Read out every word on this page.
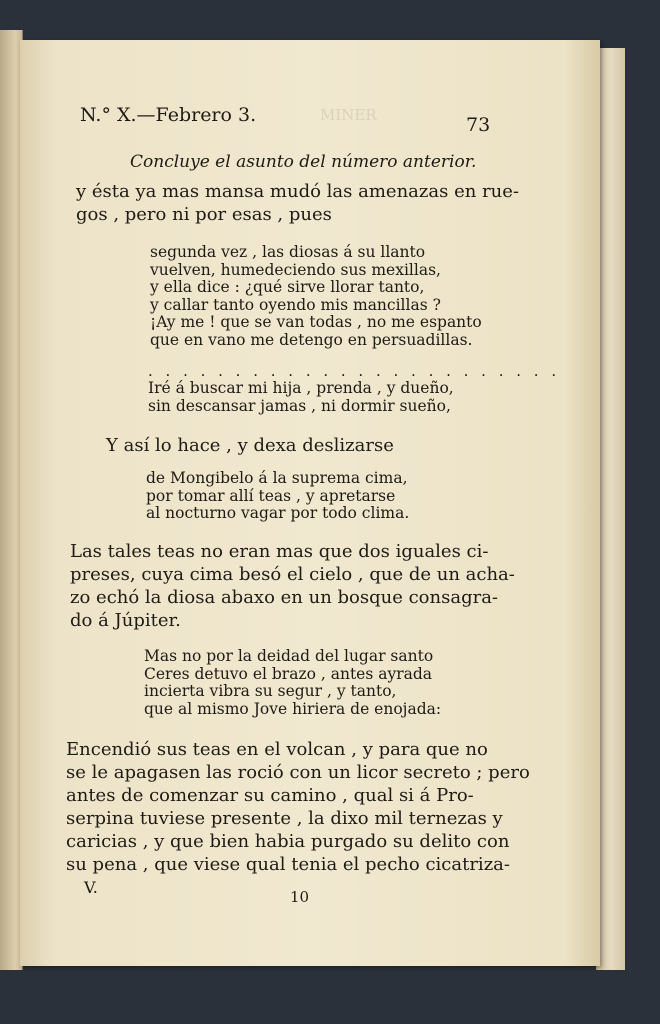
MINER
N.° X.—Febrero 3.	73
Concluye el asunto del número anterior.
y ésta ya mas mansa mudó las amenazas en rue-
gos , pero ni por esas , pues
segunda vez , las diosas á su llanto
vuelven, humedeciendo sus mexillas,
y ella dice : ¿qué sirve llorar tanto,
y callar tanto oyendo mis mancillas ?
¡Ay me ! que se van todas , no me espanto
que en vano me detengo en persuadillas.
. . . . . . . . . . . . . . . . . . . . . . . .
Iré á buscar mi hija , prenda , y dueño,
sin descansar jamas , ni dormir sueño,
Y así lo hace , y dexa deslizarse
de Mongibelo á la suprema cima,
por tomar allí teas , y apretarse
al nocturno vagar por todo clima.
Las tales teas no eran mas que dos iguales ci-
preses, cuya cima besó el cielo , que de un acha-
zo echó la diosa abaxo en un bosque consagra-
do á Júpiter.
Mas no por la deidad del lugar santo
Ceres detuvo el brazo , antes ayrada
incierta vibra su segur , y tanto,
que al mismo Jove hiriera de enojada:
Encendió sus teas en el volcan , y para que no
se le apagasen las roció con un licor secreto ; pero
antes de comenzar su camino , qual si á Pro-
serpina tuviese presente , la dixo mil ternezas y
caricias , y que bien habia purgado su delito con
su pena , que viese qual tenia el pecho cicatriza-
V.	10
